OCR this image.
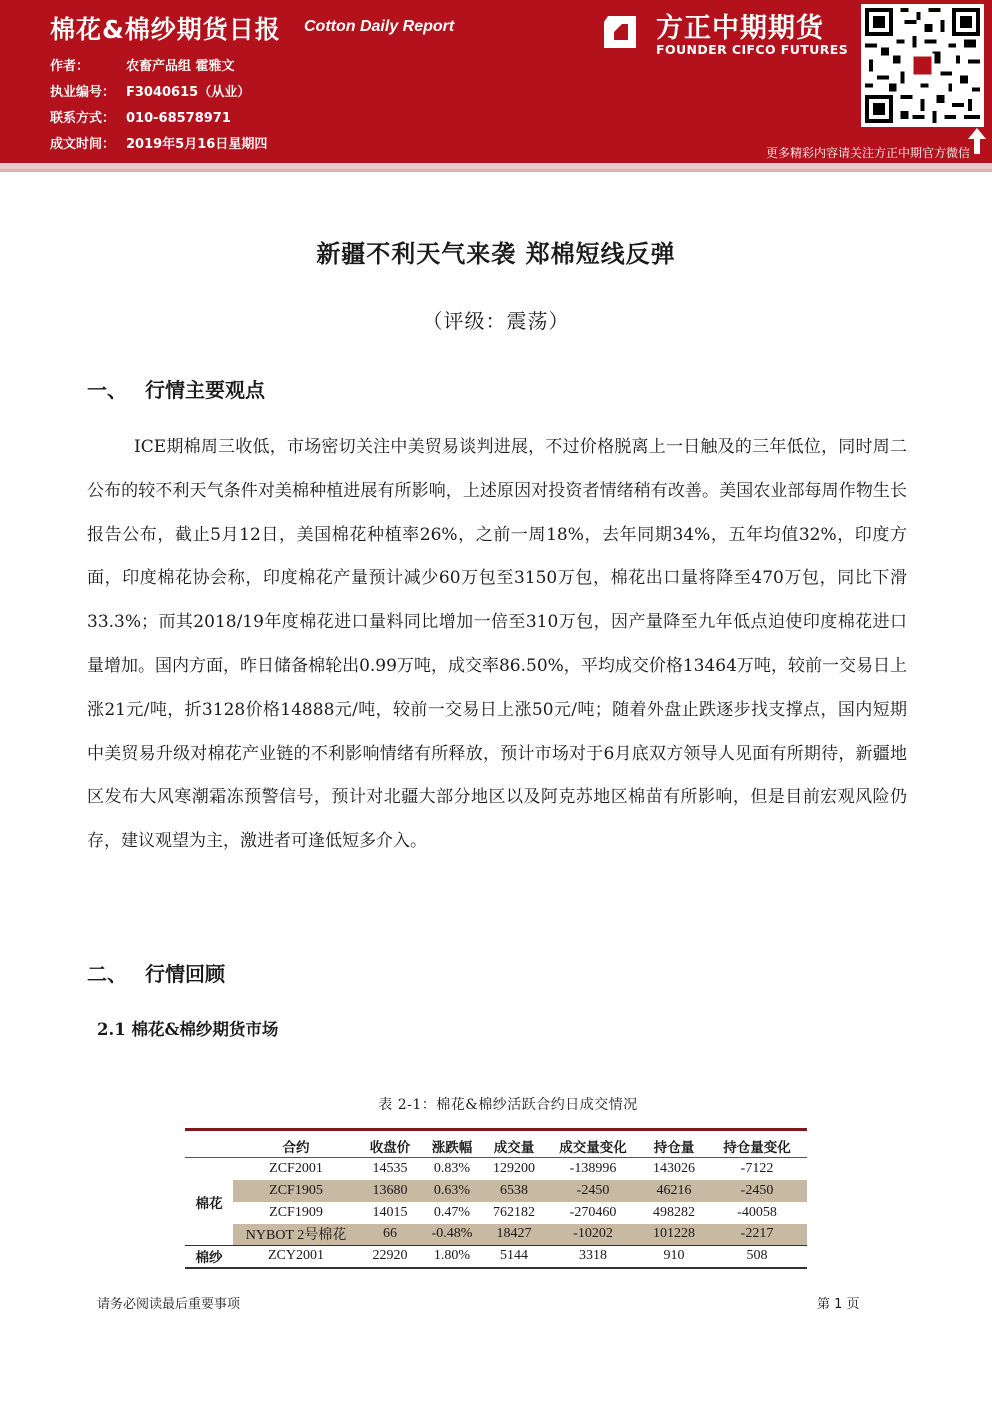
棉花&棉纱期货日报 Cotton Daily Report
作者：	农畜产品组 霍雅文
执业编号： F3040615（从业）
联系方式： 010-68578971
成文时间： 2019年5月16日星期四
方正中期期货
FOUNDER CIFCO FUTURES
更多精彩内容请关注方正中期官方微信
新疆不利天气来袭 郑棉短线反弹
（评级：震荡）
一、 行情主要观点
ICE期棉周三收低，市场密切关注中美贸易谈判进展，不过价格脱离上一日触及的三年低位，同时周二公布的较不利天气条件对美棉种植进展有所影响，上述原因对投资者情绪稍有改善。美国农业部每周作物生长报告公布，截止5月12日，美国棉花种植率26%，之前一周18%，去年同期34%，五年均值32%，印度方面，印度棉花协会称，印度棉花产量预计减少60万包至3150万包，棉花出口量将降至470万包，同比下滑33.3%；而其2018/19年度棉花进口量料同比增加一倍至310万包，因产量降至九年低点迫使印度棉花进口量增加。国内方面，昨日储备棉轮出0.99万吨，成交率86.50%，平均成交价格13464万吨，较前一交易日上涨21元/吨，折3128价格14888元/吨，较前一交易日上涨50元/吨；随着外盘止跌逐步找支撑点，国内短期中美贸易升级对棉花产业链的不利影响情绪有所释放，预计市场对于6月底双方领导人见面有所期待，新疆地区发布大风寒潮霜冻预警信号，预计对北疆大部分地区以及阿克苏地区棉苗有所影响，但是目前宏观风险仍存，建议观望为主，激进者可逢低短多介入。
二、 行情回顾
2.1 棉花&棉纱期货市场
表 2-1：棉花&棉纱活跃合约日成交情况
	合约	收盘价	涨跌幅	成交量	成交量变化	持仓量	持仓量变化
棉花	ZCF2001	14535	0.83%	129200	-138996	143026	-7122
	ZCF1905	13680	0.63%	6538	-2450	46216	-2450
	ZCF1909	14015	0.47%	762182	-270460	498282	-40058
	NYBOT 2号棉花	66	-0.48%	18427	-10202	101228	-2217
棉纱	ZCY2001	22920	1.80%	5144	3318	910	508
请务必阅读最后重要事项	第 1 页
